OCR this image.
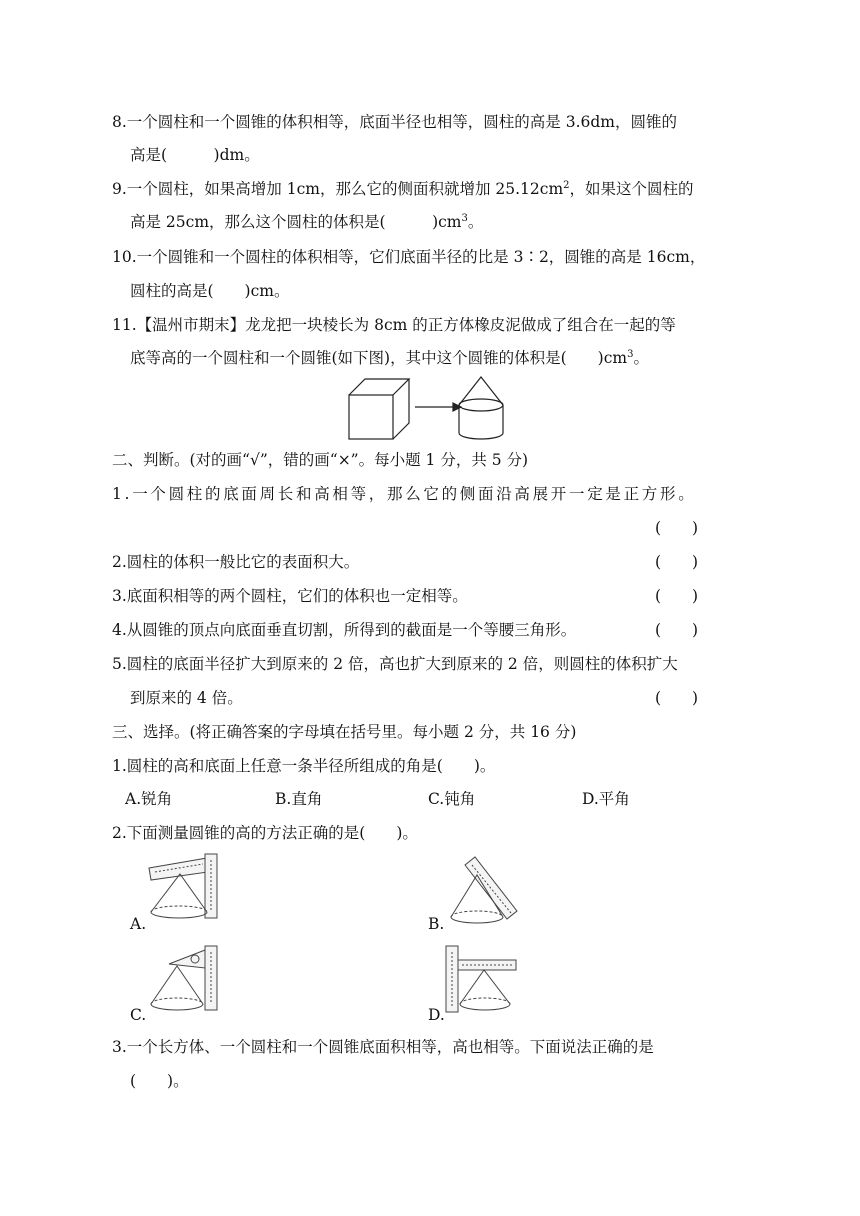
8.一个圆柱和一个圆锥的体积相等，底面半径也相等，圆柱的高是 3.6dm，圆锥的
高是(　　　)dm。
9.一个圆柱，如果高增加 1cm，那么它的侧面积就增加 $25.12cm^2$，如果这个圆柱的
高是 25cm，那么这个圆柱的体积是(　　　)$cm^3$。
10.一个圆锥和一个圆柱的体积相等，它们底面半径的比是 3∶2，圆锥的高是 16cm，
圆柱的高是(　　)cm。
11.【温州市期末】龙龙把一块棱长为 8cm 的正方体橡皮泥做成了组合在一起的等
底等高的一个圆柱和一个圆锥(如下图)，其中这个圆锥的体积是(　　)$cm^3$。
二、判断。(对的画“√”，错的画“×”。每小题 1 分，共 5 分)
1.一个圆柱的底面周长和高相等，那么它的侧面沿高展开一定是正方形。
(　　)
2.圆柱的体积一般比它的表面积大。	(　　)
3.底面积相等的两个圆柱，它们的体积也一定相等。	(　　)
4.从圆锥的顶点向底面垂直切割，所得到的截面是一个等腰三角形。	(　　)
5.圆柱的底面半径扩大到原来的 2 倍，高也扩大到原来的 2 倍，则圆柱的体积扩大
到原来的 4 倍。	(　　)
三、选择。(将正确答案的字母填在括号里。每小题 2 分，共 16 分)
1.圆柱的高和底面上任意一条半径所组成的角是(　　)。
A.锐角	B.直角	C.钝角	D.平角
2.下面测量圆锥的高的方法正确的是(　　)。
A.	B.
C.	D.
3.一个长方体、一个圆柱和一个圆锥底面积相等，高也相等。下面说法正确的是
(　　)。
